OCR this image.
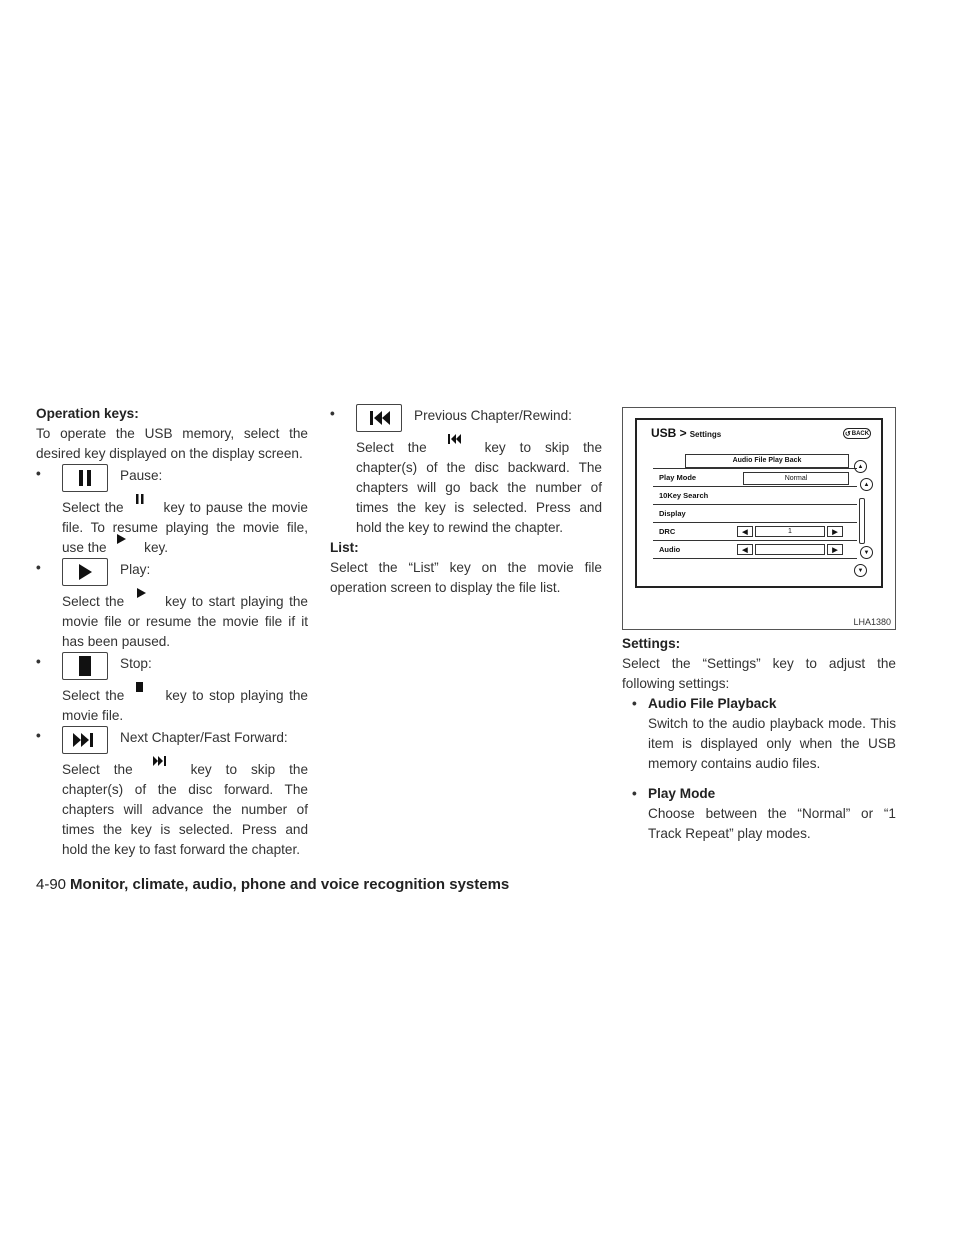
Operation keys:

To operate the USB memory, select the desired key displayed on the display screen.

•	Pause:

Select the	key to pause the movie file. To resume playing the movie file, use the	key.

•	Play:

Select the	key to start playing the movie file or resume the movie file if it has been paused.

•	Stop:

Select the	key to stop playing the movie file.

•	Next Chapter/Fast Forward:

Select the	key to skip the chapter(s) of the disc forward. The chapters will advance the number of times the key is selected. Press and hold the key to fast forward the chapter.

•	Previous Chapter/Rewind:

Select the	key to skip the chapter(s) of the disc backward. The chapters will go back the number of times the key is selected. Press and hold the key to rewind the chapter.

List:

Select the “List” key on the movie file operation screen to display the file list.

USB > Settings	↺ BACK
Audio File Play Back
Play Mode	Normal
10Key Search
Display
DRC	◀	1	▶
Audio	◀	▶
▲
▲
▼
▼
LHA1380

Settings:

Select the “Settings” key to adjust the following settings:

• Audio File Playback
Switch to the audio playback mode. This item is displayed only when the USB memory contains audio files.
• Play Mode
Choose between the “Normal” or “1 Track Repeat” play modes.
4-90 Monitor, climate, audio, phone and voice recognition systems
